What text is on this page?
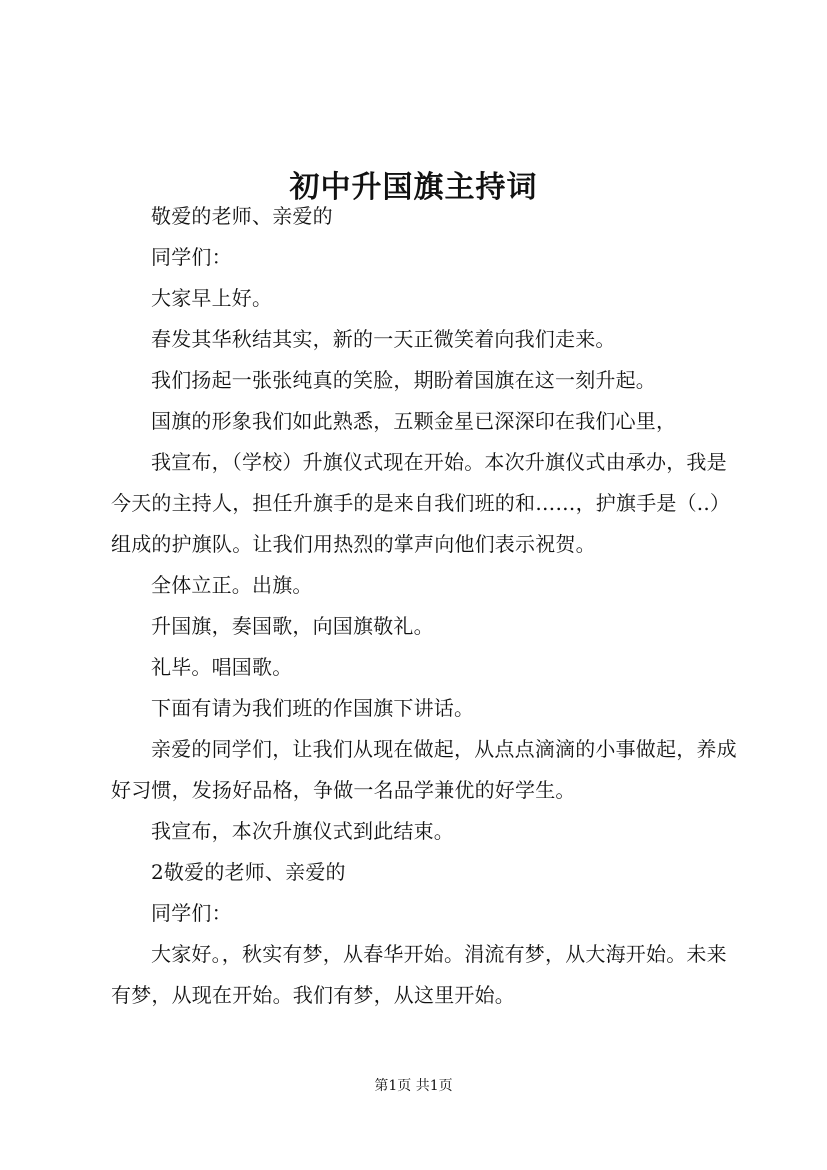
初中升国旗主持词

敬爱的老师、亲爱的

同学们：

大家早上好。

春发其华秋结其实，新的一天正微笑着向我们走来。

我们扬起一张张纯真的笑脸，期盼着国旗在这一刻升起。

国旗的形象我们如此熟悉，五颗金星已深深印在我们心里，

我宣布，（学校）升旗仪式现在开始。本次升旗仪式由承办，我是今天的主持人，担任升旗手的是来自我们班的和……，护旗手是（..）组成的护旗队。让我们用热烈的掌声向他们表示祝贺。

全体立正。出旗。

升国旗，奏国歌，向国旗敬礼。

礼毕。唱国歌。

下面有请为我们班的作国旗下讲话。

亲爱的同学们，让我们从现在做起，从点点滴滴的小事做起，养成好习惯，发扬好品格，争做一名品学兼优的好学生。

我宣布，本次升旗仪式到此结束。

2敬爱的老师、亲爱的

同学们：

大家好。，秋实有梦，从春华开始。涓流有梦，从大海开始。未来有梦，从现在开始。我们有梦，从这里开始。

第1页 共1页
